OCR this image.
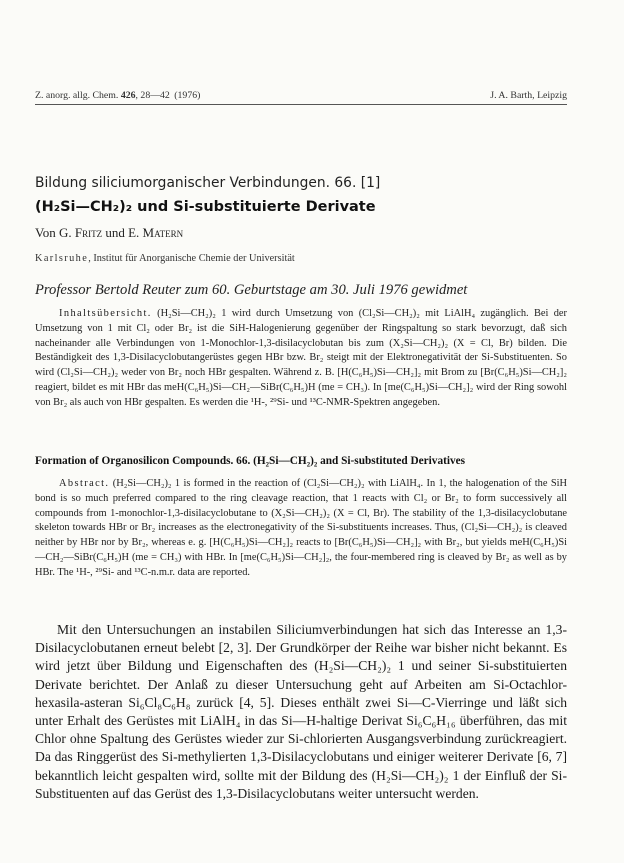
Z. anorg. allg. Chem. 426, 28—42 (1976)	J. A. Barth, Leipzig
Bildung siliciumorganischer Verbindungen. 66. [1]
(H₂Si—CH₂)₂ und Si-substituierte Derivate
Von G. Fritz und E. Matern
Karlsruhe, Institut für Anorganische Chemie der Universität
Professor Bertold Reuter zum 60. Geburtstage am 30. Juli 1976 gewidmet
Inhaltsübersicht. (H₂Si—CH₂)₂ 1 wird durch Umsetzung von (Cl₂Si—CH₂)₂ mit LiAlH₄ zugänglich. Bei der Umsetzung von 1 mit Cl₂ oder Br₂ ist die SiH-Halogenierung gegenüber der Ringspaltung so stark bevorzugt, daß sich nacheinander alle Verbindungen von 1-Monochlor-1,3-disilacyclobutan bis zum (X₂Si—CH₂)₂ (X = Cl, Br) bilden. Die Beständigkeit des 1,3-Disilacyclobutangerüstes gegen HBr bzw. Br₂ steigt mit der Elektronegativität der Si-Substituenten. So wird (Cl₂Si—CH₂)₂ weder von Br₂ noch HBr gespalten. Während z. B. [H(C₆H₅)Si—CH₂]₂ mit Brom zu [Br(C₆H₅)Si—CH₂]₂ reagiert, bildet es mit HBr das meH(C₆H₅)Si—CH₂—SiBr(C₆H₅)H (me = CH₃). In [me(C₆H₅)Si—CH₂]₂ wird der Ring sowohl von Br₂ als auch von HBr gespalten. Es werden die ¹H-, ²⁹Si- und ¹³C-NMR-Spektren angegeben.
Formation of Organosilicon Compounds. 66. (H₂Si—CH₂)₂ and Si-substituted Derivatives
Abstract. (H₂Si—CH₂)₂ 1 is formed in the reaction of (Cl₂Si—CH₂)₂ with LiAlH₄. In 1, the halogenation of the SiH bond is so much preferred compared to the ring cleavage reaction, that 1 reacts with Cl₂ or Br₂ to form successively all compounds from 1-monochlor-1,3-disilacyclobutane to (X₂Si—CH₂)₂ (X = Cl, Br). The stability of the 1,3-disilacyclobutane skeleton towards HBr or Br₂ increases as the electronegativity of the Si-substituents increases. Thus, (Cl₂Si—CH₂)₂ is cleaved neither by HBr nor by Br₂, whereas e. g. [H(C₆H₅)Si—CH₂]₂ reacts to [Br(C₆H₅)Si—CH₂]₂ with Br₂, but yields meH(C₆H₅)Si—CH₂—SiBr(C₆H₅)H (me = CH₃) with HBr. In [me(C₆H₅)Si—CH₂]₂, the four-membered ring is cleaved by Br₂ as well as by HBr. The ¹H-, ²⁹Si- and ¹³C-n.m.r. data are reported.
Mit den Untersuchungen an instabilen Siliciumverbindungen hat sich das Interesse an 1,3-Disilacyclobutanen erneut belebt [2, 3]. Der Grundkörper der Reihe war bisher nicht bekannt. Es wird jetzt über Bildung und Eigenschaften des (H₂Si—CH₂)₂ 1 und seiner Si-substituierten Derivate berichtet. Der Anlaß zu dieser Untersuchung geht auf Arbeiten am Si-Octachlor-hexasila-asteran Si₆Cl₈C₆H₈ zurück [4, 5]. Dieses enthält zwei Si—C-Vierringe und läßt sich unter Erhalt des Gerüstes mit LiAlH₄ in das Si—H-haltige Derivat Si₆C₆H₁₆ überführen, das mit Chlor ohne Spaltung des Gerüstes wieder zur Si-chlorierten Ausgangsverbindung zurückreagiert. Da das Ringgerüst des Si-methylierten 1,3-Disilacyclobutans und einiger weiterer Derivate [6, 7] bekanntlich leicht gespalten wird, sollte mit der Bildung des (H₂Si—CH₂)₂ 1 der Einfluß der Si-Substituenten auf das Gerüst des 1,3-Disilacyclobutans weiter untersucht werden.
